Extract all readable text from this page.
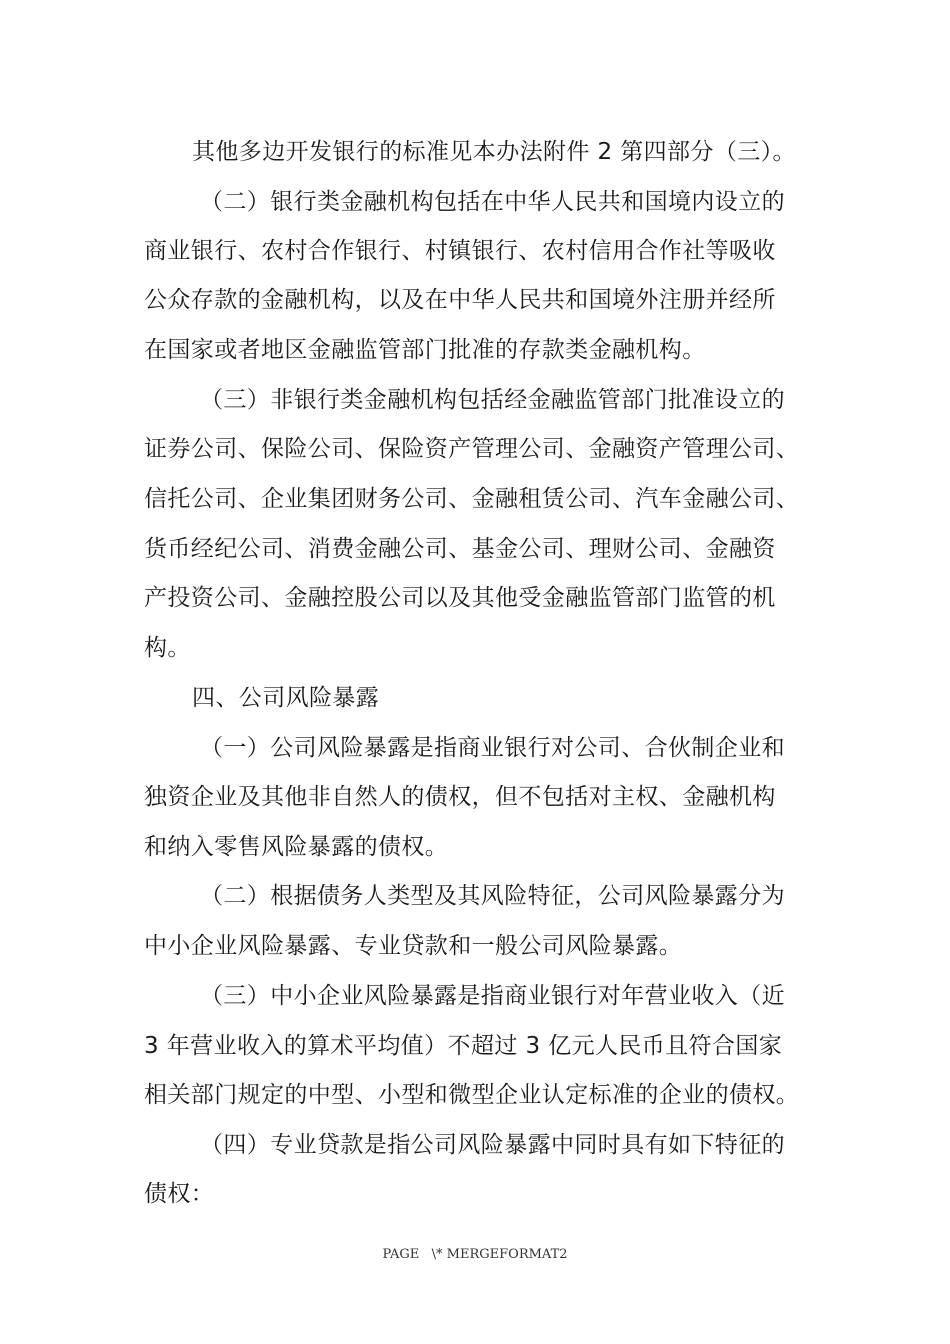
其他多边开发银行的标准见本办法附件 2 第四部分（三）。
（二）银行类金融机构包括在中华人民共和国境内设立的
商业银行、农村合作银行、村镇银行、农村信用合作社等吸收
公众存款的金融机构，以及在中华人民共和国境外注册并经所
在国家或者地区金融监管部门批准的存款类金融机构。
（三）非银行类金融机构包括经金融监管部门批准设立的
证券公司、保险公司、保险资产管理公司、金融资产管理公司、
信托公司、企业集团财务公司、金融租赁公司、汽车金融公司、
货币经纪公司、消费金融公司、基金公司、理财公司、金融资
产投资公司、金融控股公司以及其他受金融监管部门监管的机
构。
四、公司风险暴露
（一）公司风险暴露是指商业银行对公司、合伙制企业和
独资企业及其他非自然人的债权，但不包括对主权、金融机构
和纳入零售风险暴露的债权。
（二）根据债务人类型及其风险特征，公司风险暴露分为
中小企业风险暴露、专业贷款和一般公司风险暴露。
（三）中小企业风险暴露是指商业银行对年营业收入（近
3 年营业收入的算术平均值）不超过 3 亿元人民币且符合国家
相关部门规定的中型、小型和微型企业认定标准的企业的债权。
（四）专业贷款是指公司风险暴露中同时具有如下特征的
债权：
PAGE   \* MERGEFORMAT2
